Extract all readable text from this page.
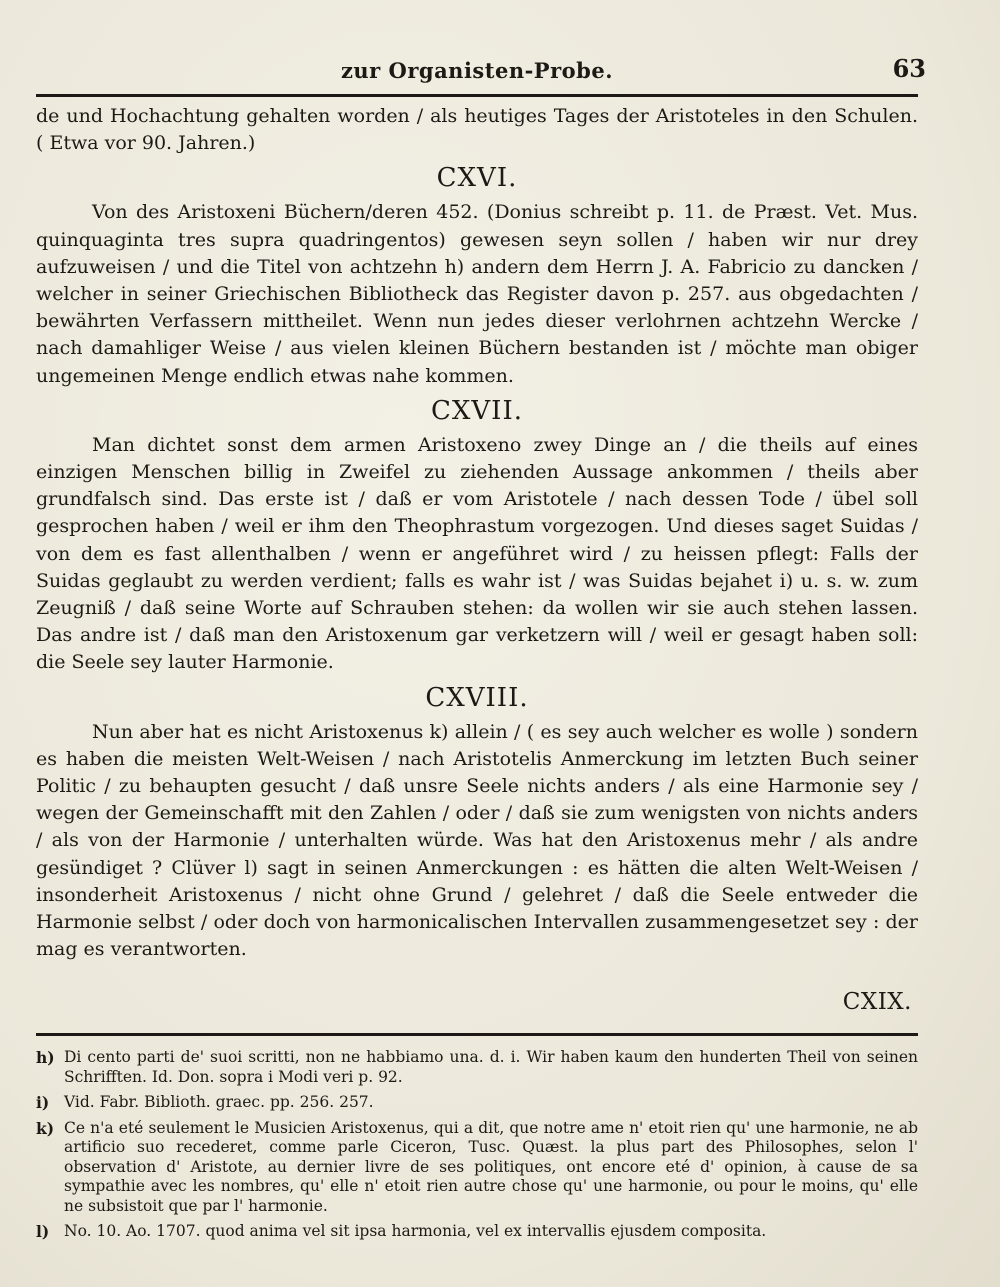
zur Organisten-Probe.	63

de und Hochachtung gehalten worden / als heutiges Tages der Aristoteles in den Schulen. ( Etwa vor 90. Jahren.)

CXVI.

Von des Aristoxeni Büchern/deren 452. (Donius schreibt p. 11. de Præst. Vet. Mus. quinquaginta tres supra quadringentos) gewesen seyn sollen / haben wir nur drey aufzuweisen / und die Titel von achtzehn h) andern dem Herrn J. A. Fabricio zu dancken / welcher in seiner Griechischen Bibliotheck das Register davon p. 257. aus obgedachten / bewährten Verfassern mittheilet. Wenn nun jedes dieser verlohrnen achtzehn Wercke / nach damahliger Weise / aus vielen kleinen Büchern bestanden ist / möchte man obiger ungemeinen Menge endlich etwas nahe kommen.

CXVII.

Man dichtet sonst dem armen Aristoxeno zwey Dinge an / die theils auf eines einzigen Menschen billig in Zweifel zu ziehenden Aussage ankommen / theils aber grundfalsch sind. Das erste ist / daß er vom Aristotele / nach dessen Tode / übel soll gesprochen haben / weil er ihm den Theophrastum vorgezogen. Und dieses saget Suidas / von dem es fast allenthalben / wenn er angeführet wird / zu heissen pflegt: Falls der Suidas geglaubt zu werden verdient; falls es wahr ist / was Suidas bejahet i) u. s. w. zum Zeugniß / daß seine Worte auf Schrauben stehen: da wollen wir sie auch stehen lassen. Das andre ist / daß man den Aristoxenum gar verketzern will / weil er gesagt haben soll: die Seele sey lauter Harmonie.

CXVIII.

Nun aber hat es nicht Aristoxenus k) allein / ( es sey auch welcher es wolle ) sondern es haben die meisten Welt-Weisen / nach Aristotelis Anmerckung im letzten Buch seiner Politic / zu behaupten gesucht / daß unsre Seele nichts anders / als eine Harmonie sey / wegen der Gemeinschafft mit den Zahlen / oder / daß sie zum wenigsten von nichts anders / als von der Harmonie / unterhalten würde. Was hat den Aristoxenus mehr / als andre gesündiget ? Clüver l) sagt in seinen Anmerckungen : es hätten die alten Welt-Weisen / insonderheit Aristoxenus / nicht ohne Grund / gelehret / daß die Seele entweder die Harmonie selbst / oder doch von harmonicalischen Intervallen zusammengesetzet sey : der mag es verantworten.

CXIX.
h) Di cento parti de' suoi scritti, non ne habbiamo una. d. i. Wir haben kaum den hunderten Theil von seinen Schrifften. Id. Don. sopra i Modi veri p. 92.
i) Vid. Fabr. Biblioth. graec. pp. 256. 257.
k) Ce n'a eté seulement le Musicien Aristoxenus, qui a dit, que notre ame n' etoit rien qu' une harmonie, ne ab artificio suo recederet, comme parle Ciceron, Tusc. Quæst. la plus part des Philosophes, selon l' observation d' Aristote, au dernier livre de ses politiques, ont encore eté d' opinion, à cause de sa sympathie avec les nombres, qu' elle n' etoit rien autre chose qu' une harmonie, ou pour le moins, qu' elle ne subsistoit que par l' harmonie.
l) No. 10. Ao. 1707. quod anima vel sit ipsa harmonia, vel ex intervallis ejusdem composita.
